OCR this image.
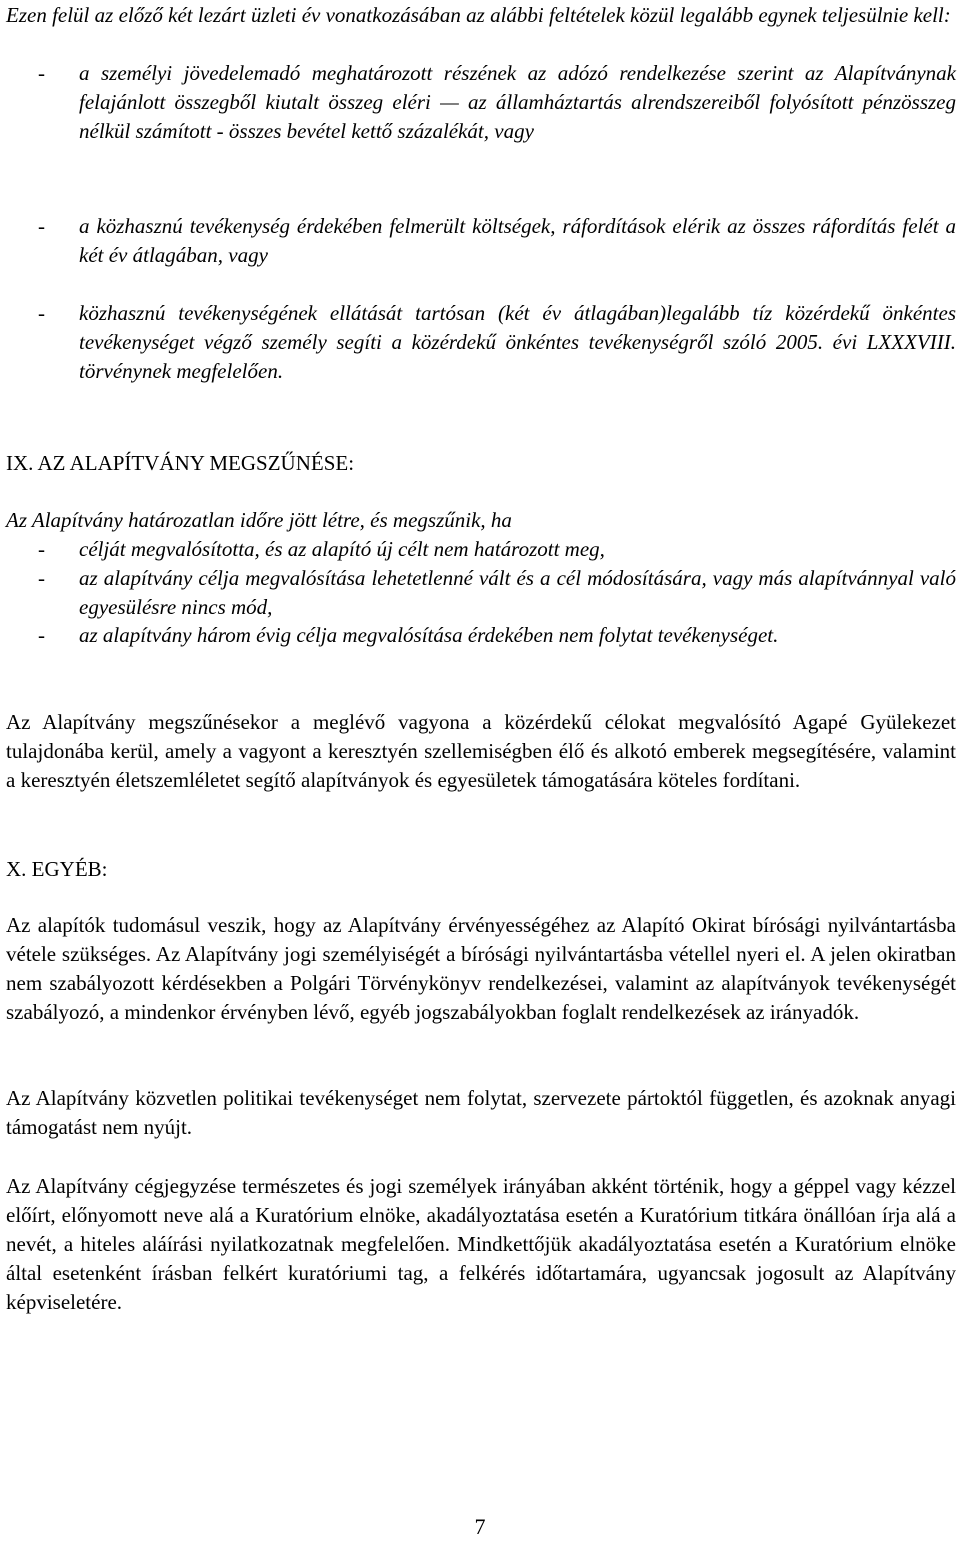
Ezen felül az előző két lezárt üzleti év vonatkozásában az alábbi feltételek közül legalább egynek teljesülnie kell:

- a személyi jövedelemadó meghatározott részének az adózó rendelkezése szerint az Alapítványnak felajánlott összegből kiutalt összeg eléri — az államháztartás alrendszereiből folyósított pénzösszeg nélkül számított - összes bevétel kettő százalékát, vagy
- a közhasznú tevékenység érdekében felmerült költségek, ráfordítások elérik az összes ráfordítás felét a két év átlagában, vagy
- közhasznú tevékenységének ellátását tartósan (két év átlagában)legalább tíz közérdekű önkéntes tevékenységet végző személy segíti a közérdekű önkéntes tevékenységről szóló 2005. évi LXXXVIII. törvénynek megfelelően.
IX. AZ ALAPÍTVÁNY MEGSZŰNÉSE:

Az Alapítvány határozatlan időre jött létre, és megszűnik, ha

- célját megvalósította, és az alapító új célt nem határozott meg,
- az alapítvány célja megvalósítása lehetetlenné vált és a cél módosítására, vagy más alapítvánnyal való egyesülésre nincs mód,
- az alapítvány három évig célja megvalósítása érdekében nem folytat tevékenységet.

Az Alapítvány megszűnésekor a meglévő vagyona a közérdekű célokat megvalósító Agapé Gyülekezet tulajdonába kerül, amely a vagyont a keresztyén szellemiségben élő és alkotó emberek megsegítésére, valamint a keresztyén életszemléletet segítő alapítványok és egyesületek támogatására köteles fordítani.

X. EGYÉB:

Az alapítók tudomásul veszik, hogy az Alapítvány érvényességéhez az Alapító Okirat bírósági nyilvántartásba vétele szükséges. Az Alapítvány jogi személyiségét a bírósági nyilvántartásba vétellel nyeri el. A jelen okiratban nem szabályozott kérdésekben a Polgári Törvénykönyv rendelkezései, valamint az alapítványok tevékenységét szabályozó, a mindenkor érvényben lévő, egyéb jogszabályokban foglalt rendelkezések az irányadók.

Az Alapítvány közvetlen politikai tevékenységet nem folytat, szervezete pártoktól független, és azoknak anyagi támogatást nem nyújt.

Az Alapítvány cégjegyzése természetes és jogi személyek irányában akként történik, hogy a géppel vagy kézzel előírt, előnyomott neve alá a Kuratórium elnöke, akadályoztatása esetén a Kuratórium titkára önállóan írja alá a nevét, a hiteles aláírási nyilatkozatnak megfelelően. Mindkettőjük akadályoztatása esetén a Kuratórium elnöke által esetenként írásban felkért kuratóriumi tag, a felkérés időtartamára, ugyancsak jogosult az Alapítvány képviseletére.

7
